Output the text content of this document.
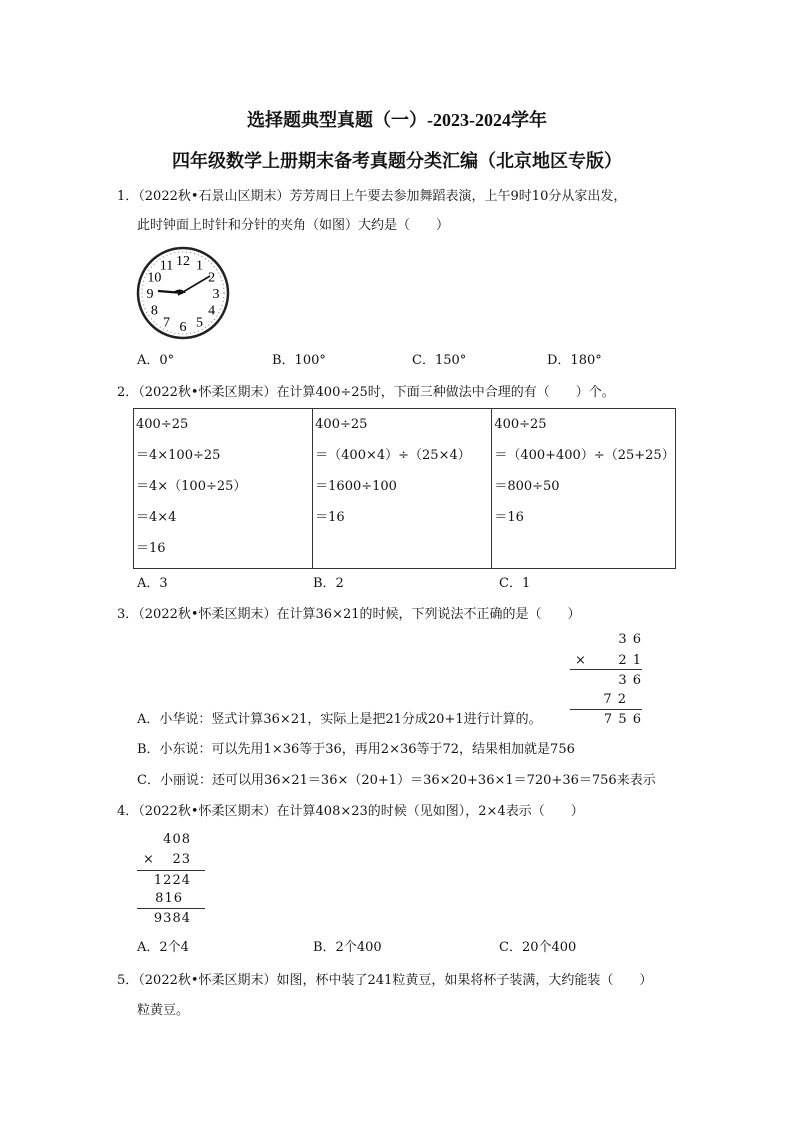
选择题典型真题（一）-2023-2024学年
四年级数学上册期末备考真题分类汇编（北京地区专版）
1．（2022秋•石景山区期末）芳芳周日上午要去参加舞蹈表演，上午9时10分从家出发，
此时钟面上时针和分针的夹角（如图）大约是（　　）
12 1
2
3
4
5
6
7
8
9
10
11
A．0°	B．100°	C．150°	D．180°
2．（2022秋•怀柔区期末）在计算400÷25时，下面三种做法中合理的有（　　）个。
400÷25
＝4×100÷25
＝4×（100÷25）
＝4×4
＝16

400÷25
＝（400×4）÷（25×4）
＝1600÷100
＝16

400÷25
＝（400+400）÷（25+25）
＝800÷50
＝16
A．3	B．2	C．1
3．（2022秋•怀柔区期末）在计算36×21的时候，下列说法不正确的是（　　）
3 6
×	2 1
3 6
7 2
7 5 6
A．小华说：竖式计算36×21，实际上是把21分成20+1进行计算的。
B．小东说：可以先用1×36等于36，再用2×36等于72，结果相加就是756
C．小丽说：还可以用36×21＝36×（20+1）＝36×20+36×1＝720+36＝756来表示
4．（2022秋•怀柔区期末）在计算408×23的时候（见如图），2×4表示（　　）
408
×	23
1224
816
9384
A．2个4	B．2个400	C．20个400
5．（2022秋•怀柔区期末）如图，杯中装了241粒黄豆，如果将杯子装满，大约能装（　　）
粒黄豆。
